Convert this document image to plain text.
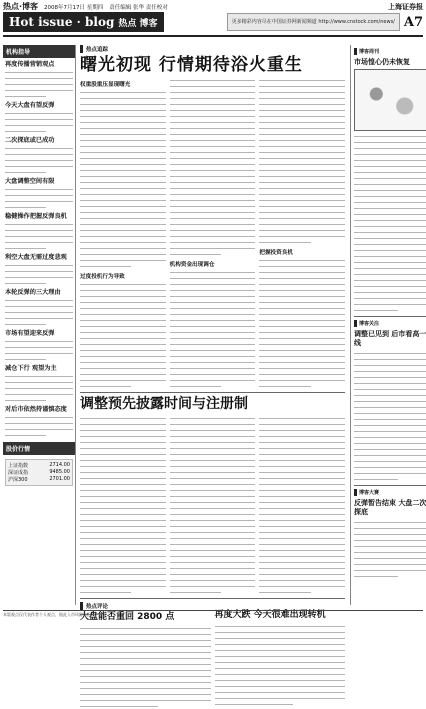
热点·博客 2008年7月17日 星期四 责任编辑 张华 责任校对	上海证券报
Hot issue · blog 热点 博客	更多精彩内容尽在中国证券网新闻频道 http://www.cnstock.com/news/ A7
机构指导
再度传播营销观点
今天大盘有望反弹
二次探底或已成功
大盘调整空间有限
稳健操作把握反弹良机
利空大盘无需过度悲观
本轮反弹的三大理由
市场有望迎来反弹
减仓下行 观望为主
对后市依然持谨慎态度
股价行情
上证指数	2714.00
深证成指	9485.00
沪深300	2701.00
热点追踪
曙光初现 行情期待浴火重生
权重股重压显现曙光
过度投机行为导致
机构资金出现调仓
把握投资良机
调整预先披露时间与注册制
热点评论
大盘能否重回 2800 点	再度大跌 今天很难出现转机
博客周刊
市场惶心仍未恢复
博客关注
调整已见到 后市看高一线
博客大赛
反弹暂告结束 大盘二次探底
本版观点仅代表作者个人观点，据此入市风险自担。
